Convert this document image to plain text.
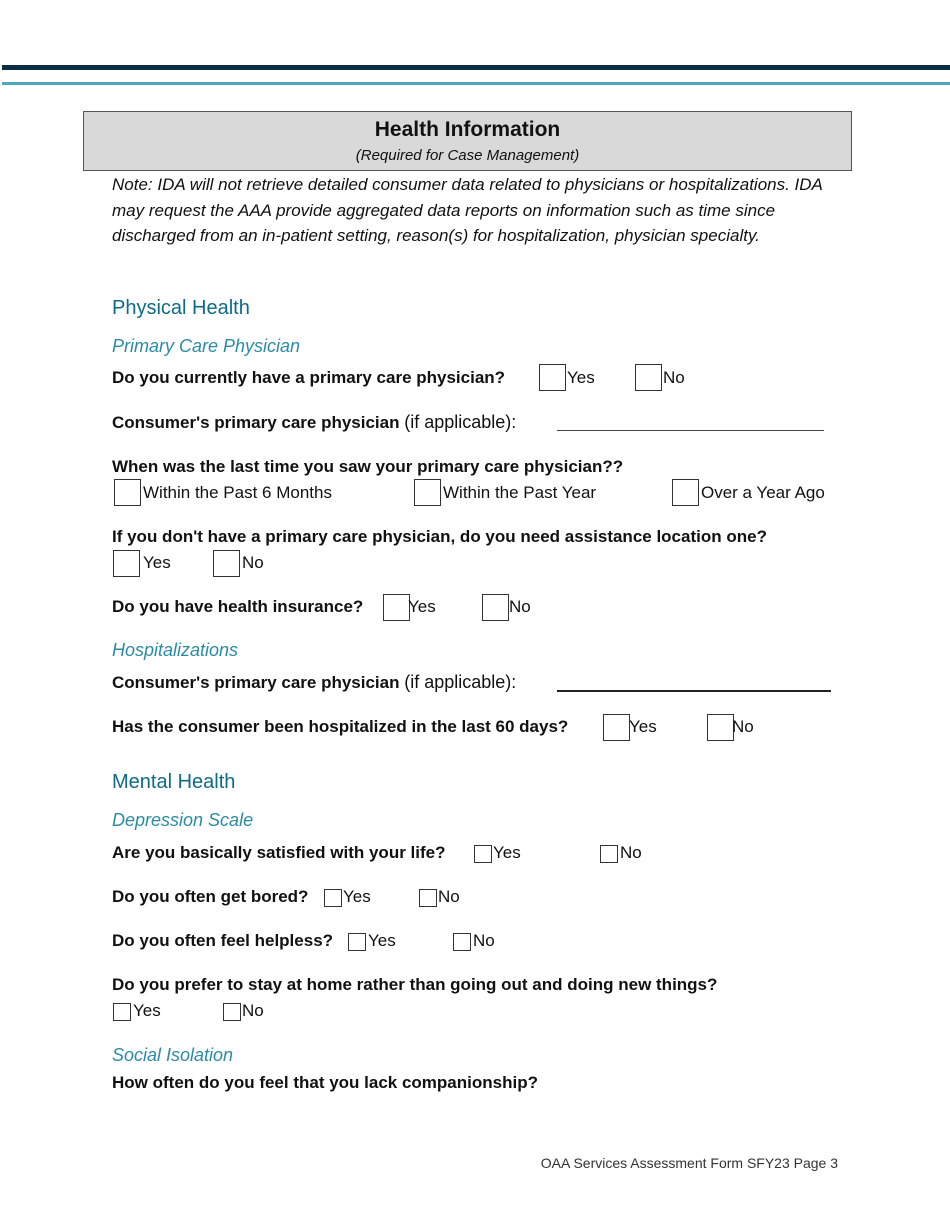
Health Information
(Required for Case Management)
Note: IDA will not retrieve detailed consumer data related to physicians or hospitalizations. IDA may request the AAA provide aggregated data reports on information such as time since discharged from an in-patient setting, reason(s) for hospitalization, physician specialty.
Physical Health
Primary Care Physician
Do you currently have a primary care physician?	Yes	No
Consumer's primary care physician (if applicable):
When was the last time you saw your primary care physician??
Within the Past 6 Months	Within the Past Year	Over a Year Ago
If you don't have a primary care physician, do you need assistance location one?
Yes	No
Do you have health insurance?	Yes	No
Hospitalizations
Consumer's primary care physician (if applicable):
Has the consumer been hospitalized in the last 60 days?	Yes	No
Mental Health
Depression Scale
Are you basically satisfied with your life?	Yes	No
Do you often get bored? Yes	No
Do you often feel helpless? Yes	No
Do you prefer to stay at home rather than going out and doing new things?
Yes	No
Social Isolation
How often do you feel that you lack companionship?
OAA Services Assessment Form SFY23 Page 3
